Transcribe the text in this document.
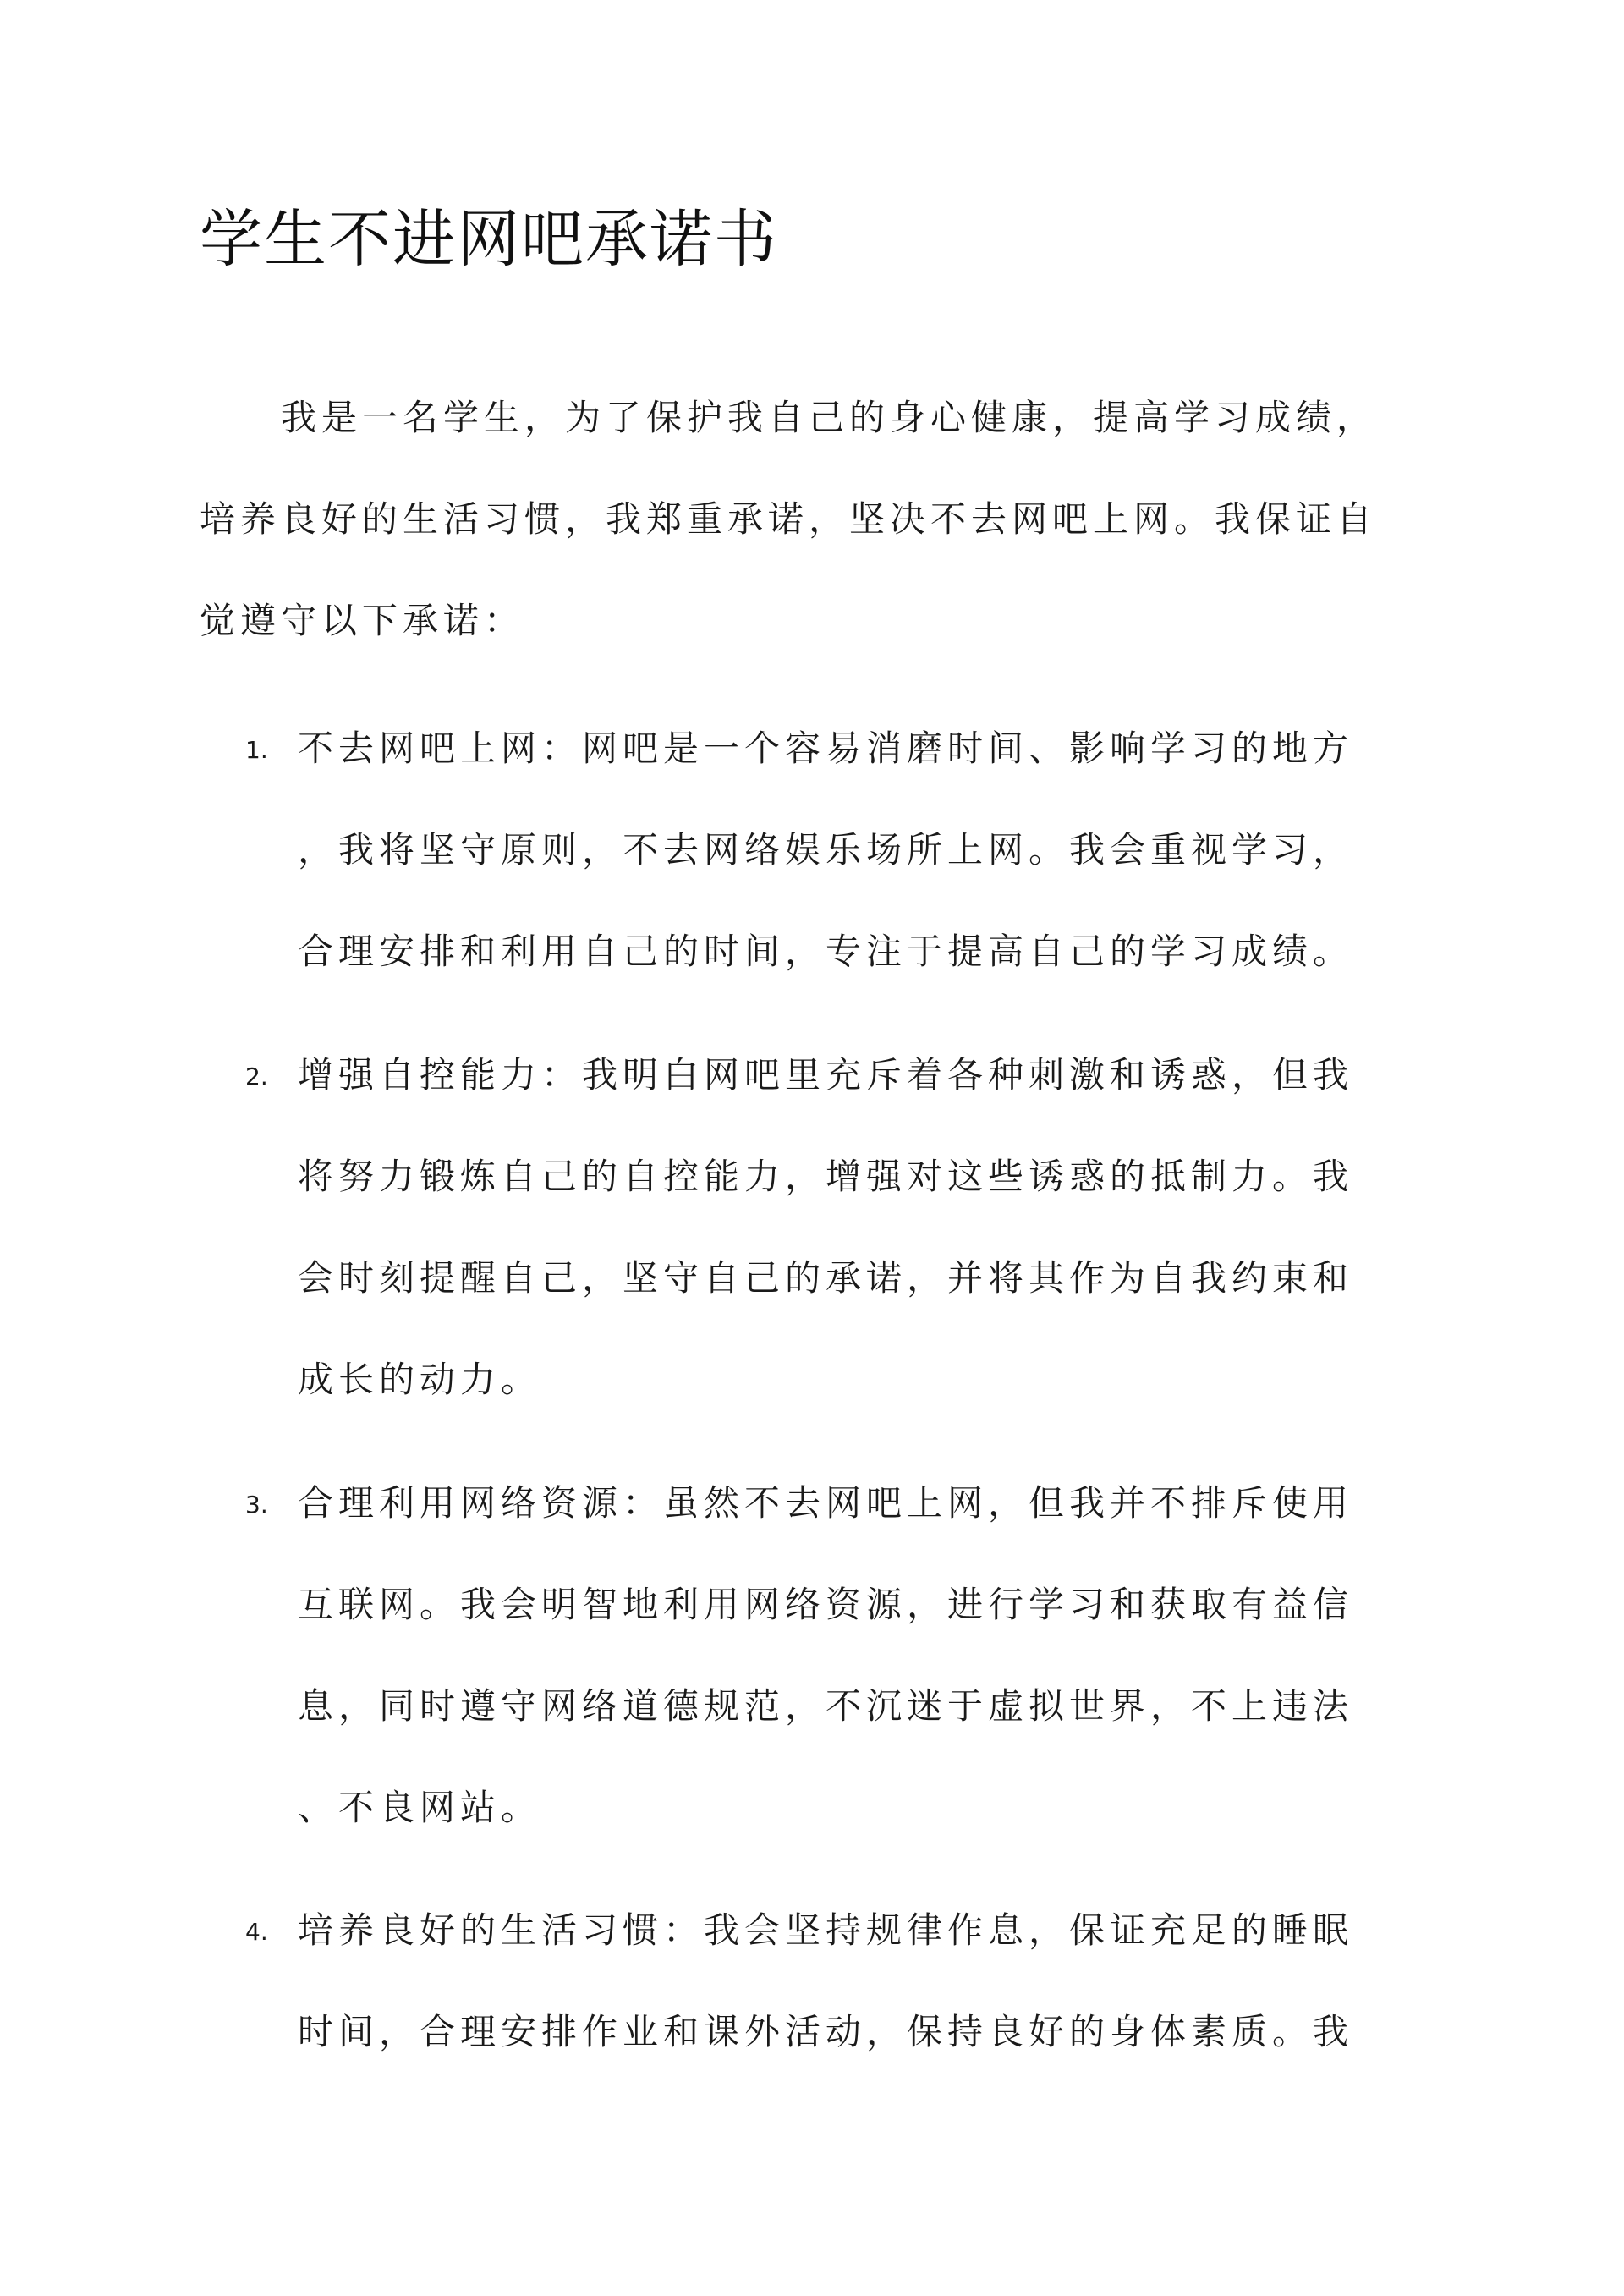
学生不进网吧承诺书

我是一名学生，为了保护我自己的身心健康，提高学习成绩，

培养良好的生活习惯，我郑重承诺，坚决不去网吧上网。我保证自

觉遵守以下承诺：

1. 不去网吧上网：网吧是一个容易消磨时间、影响学习的地方

，我将坚守原则，不去网络娱乐场所上网。我会重视学习，

合理安排和利用自己的时间，专注于提高自己的学习成绩。

2. 增强自控能力：我明白网吧里充斥着各种刺激和诱惑，但我

将努力锻炼自己的自控能力，增强对这些诱惑的抵制力。我

会时刻提醒自己，坚守自己的承诺，并将其作为自我约束和

成长的动力。

3. 合理利用网络资源：虽然不去网吧上网，但我并不排斥使用

互联网。我会明智地利用网络资源，进行学习和获取有益信

息，同时遵守网络道德规范，不沉迷于虚拟世界，不上违法

、不良网站。

4. 培养良好的生活习惯：我会坚持规律作息，保证充足的睡眠

时间，合理安排作业和课外活动，保持良好的身体素质。我
